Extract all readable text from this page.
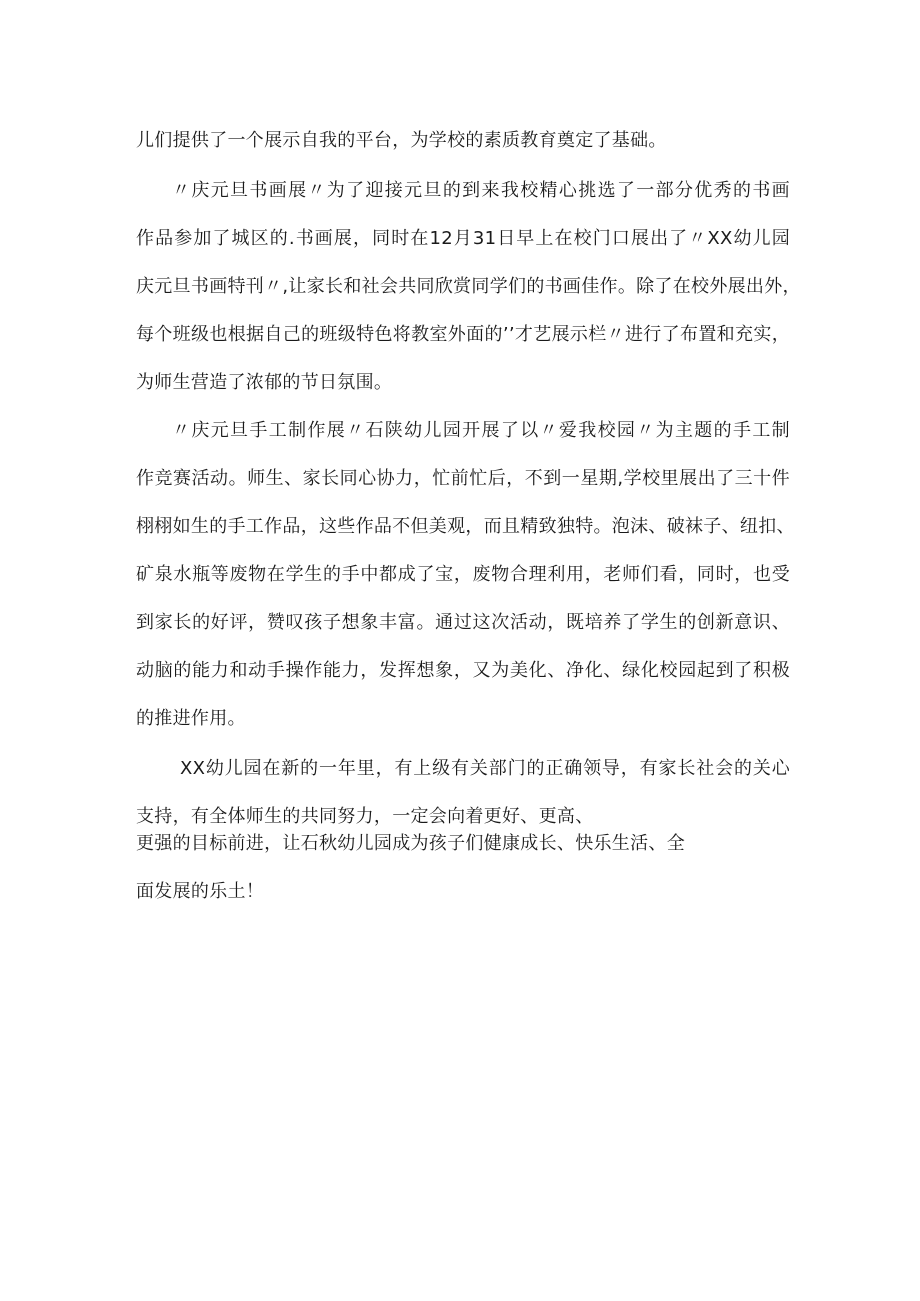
儿们提供了一个展示自我的平台，为学校的素质教育奠定了基础。
〃庆元旦书画展〃为了迎接元旦的到来我校精心挑选了一部分优秀的书画
作品参加了城区的.书画展，同时在12月31日早上在校门口展出了〃XX幼儿园
庆元旦书画特刊〃,让家长和社会共同欣赏同学们的书画佳作。除了在校外展出外，
每个班级也根据自己的班级特色将教室外面的’’才艺展示栏〃进行了布置和充实，
为师生营造了浓郁的节日氛围。
〃庆元旦手工制作展〃石陕幼儿园开展了以〃爱我校园〃为主题的手工制
作竞赛活动。师生、家长同心协力，忙前忙后，不到一星期,学校里展出了三十件
栩栩如生的手工作品，这些作品不但美观，而且精致独特。泡沫、破袜子、纽扣、
矿泉水瓶等废物在学生的手中都成了宝，废物合理利用，老师们看，同时，也受
到家长的好评，赞叹孩子想象丰富。通过这次活动，既培养了学生的创新意识、
动脑的能力和动手操作能力，发挥想象，又为美化、净化、绿化校园起到了积极
的推进作用。
XX幼儿园在新的一年里，有上级有关部门的正确领导，有家长社会的关心
支持，有全体师生的共同努力，一定会向着更好、更高、
更强的目标前进，让石秋幼儿园成为孩子们健康成长、快乐生活、全
面发展的乐土！
